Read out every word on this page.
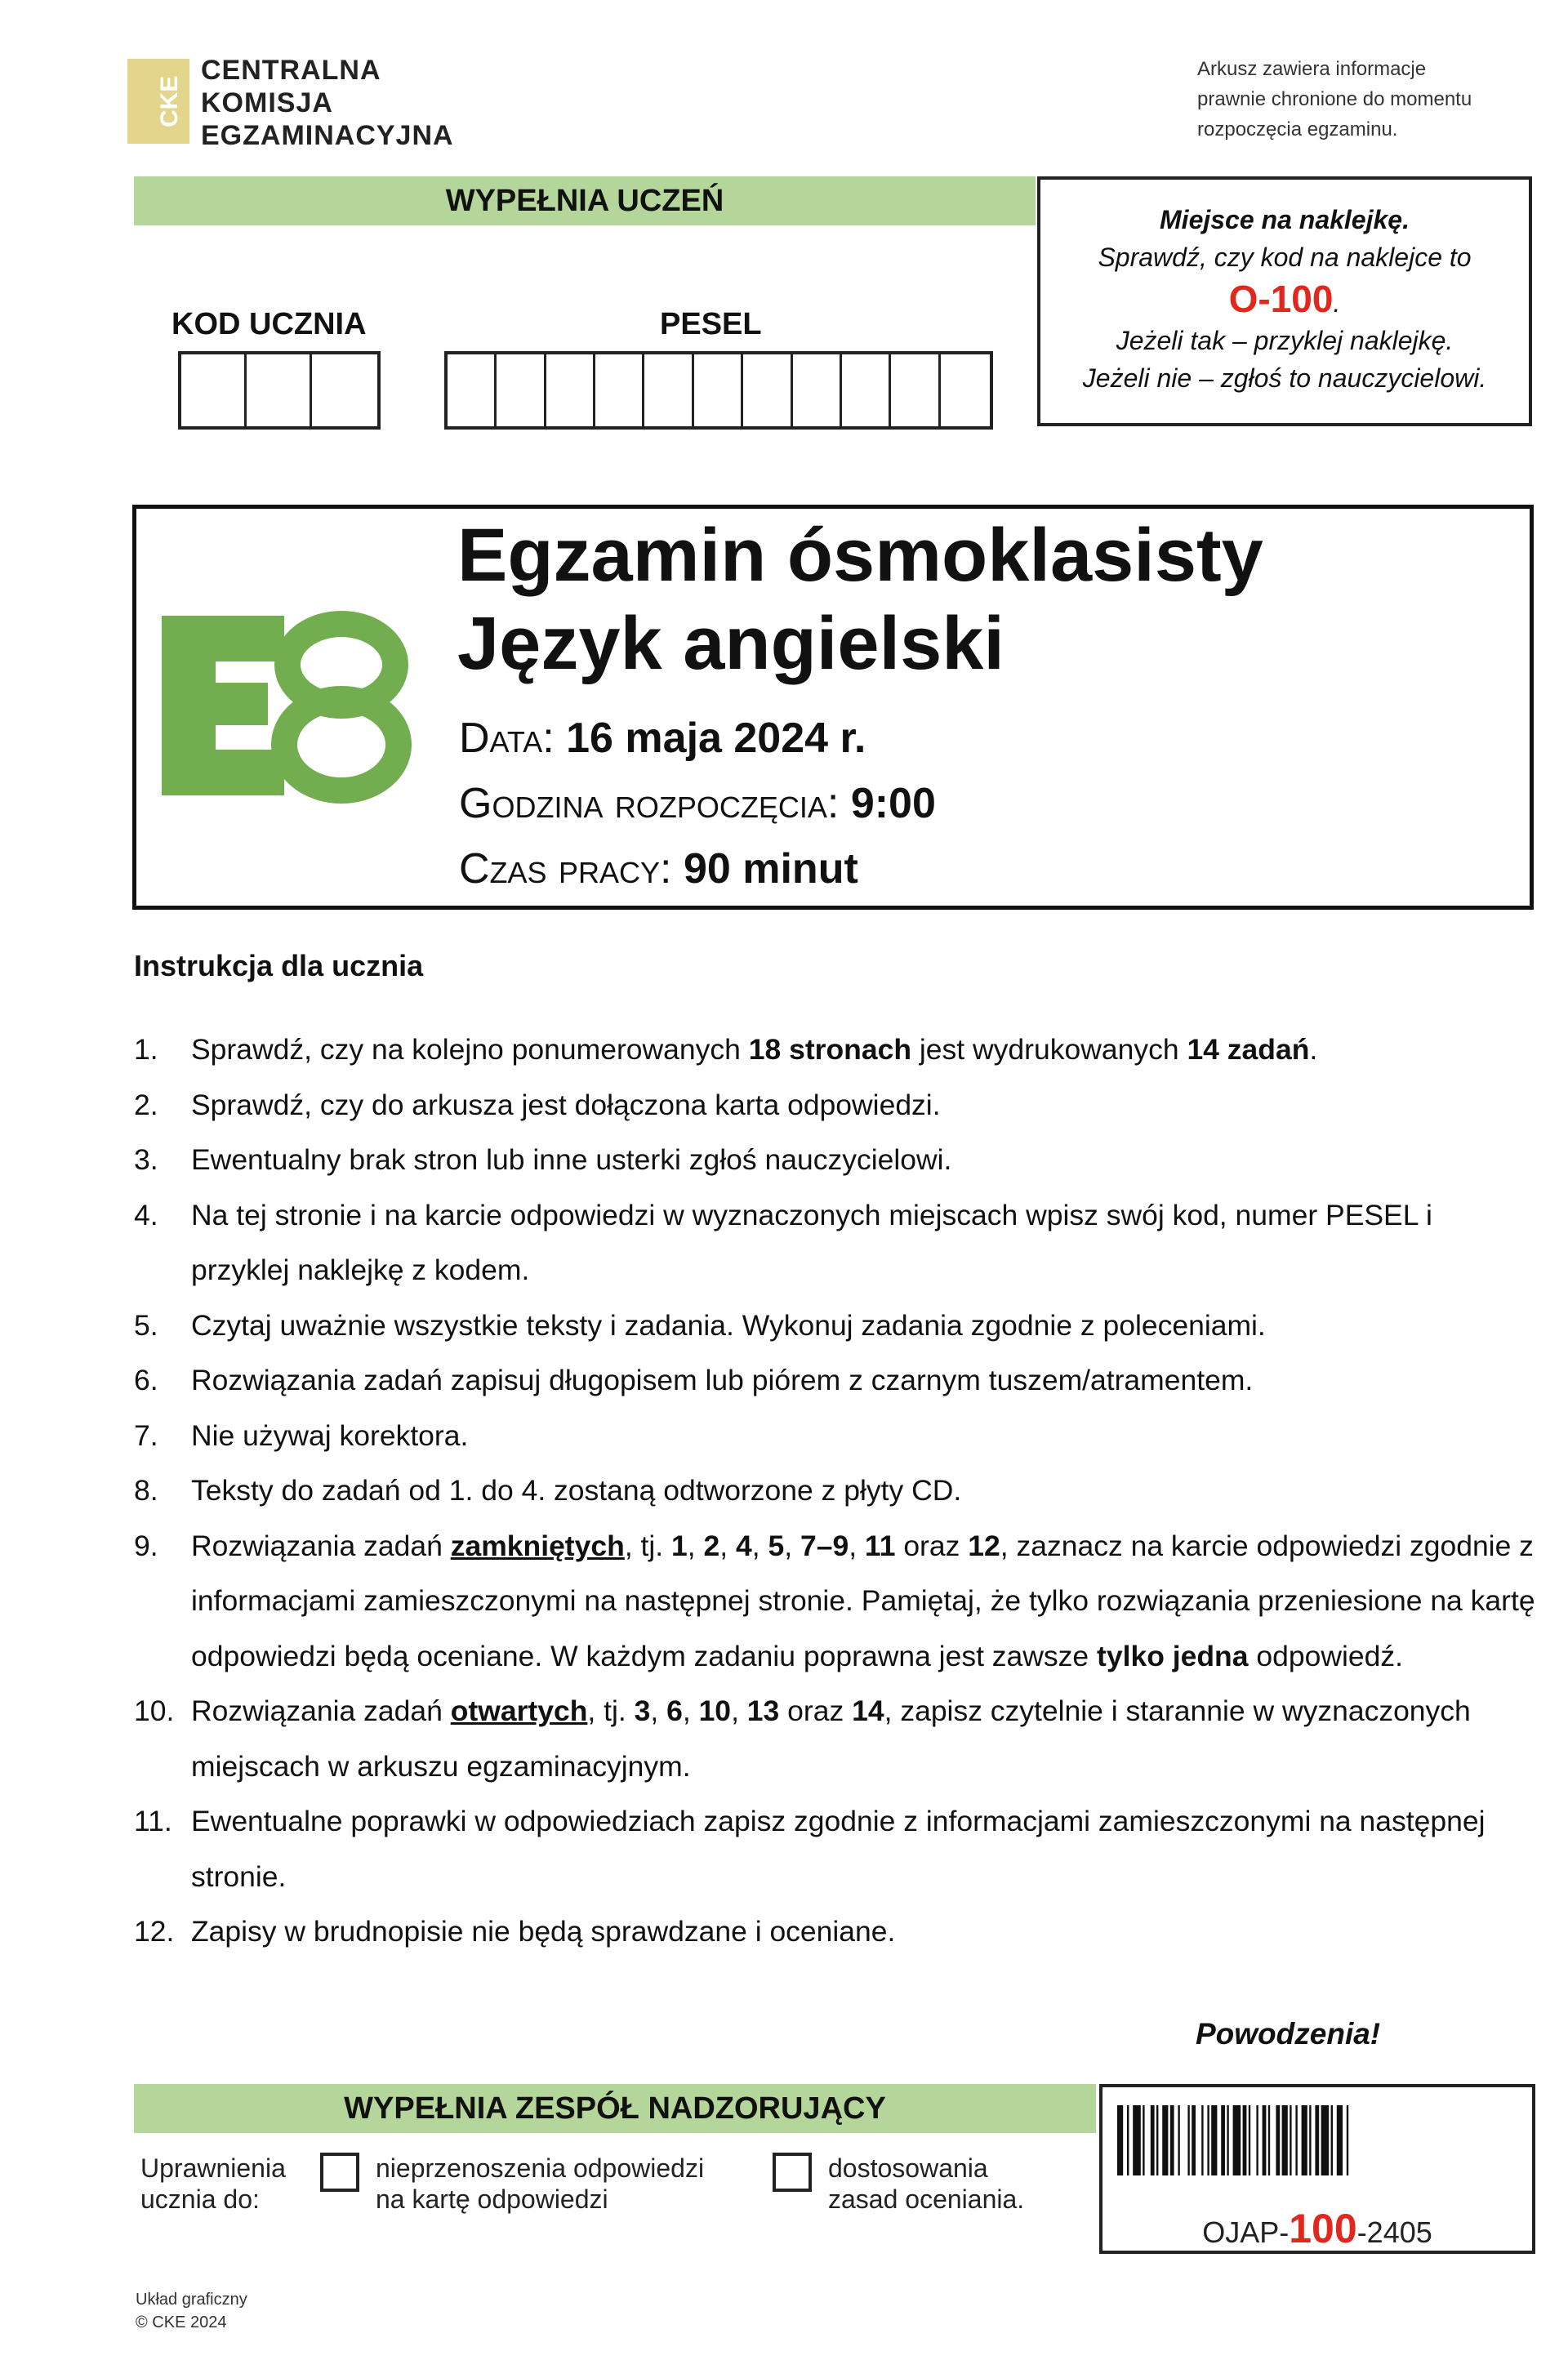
CKE
CENTRALNA
KOMISJA
EGZAMINACYJNA
Arkusz zawiera informacje
prawnie chronione do momentu
rozpoczęcia egzaminu.
WYPEŁNIA UCZEŃ
Miejsce na naklejkę.
Sprawdź, czy kod na naklejce to
O-100.
Jeżeli tak – przyklej naklejkę.
Jeżeli nie – zgłoś to nauczycielowi.
KOD UCZNIA	PESEL
Egzamin ósmoklasisty
Język angielski
Data: 16 maja 2024 r.
Godzina rozpoczęcia: 9:00
Czas pracy: 90 minut
Instrukcja dla ucznia
1.	Sprawdź, czy na kolejno ponumerowanych 18 stronach jest wydrukowanych 14 zadań.
2.	Sprawdź, czy do arkusza jest dołączona karta odpowiedzi.
3.	Ewentualny brak stron lub inne usterki zgłoś nauczycielowi.
4.	Na tej stronie i na karcie odpowiedzi w wyznaczonych miejscach wpisz swój kod, numer PESEL i przyklej naklejkę z kodem.
5.	Czytaj uważnie wszystkie teksty i zadania. Wykonuj zadania zgodnie z poleceniami.
6.	Rozwiązania zadań zapisuj długopisem lub piórem z czarnym tuszem/atramentem.
7.	Nie używaj korektora.
8.	Teksty do zadań od 1. do 4. zostaną odtworzone z płyty CD.
9.	Rozwiązania zadań zamkniętych, tj. 1, 2, 4, 5, 7–9, 11 oraz 12, zaznacz na karcie odpowiedzi zgodnie z informacjami zamieszczonymi na następnej stronie. Pamiętaj, że tylko rozwiązania przeniesione na kartę odpowiedzi będą oceniane. W każdym zadaniu poprawna jest zawsze tylko jedna odpowiedź.
10. Rozwiązania zadań otwartych, tj. 3, 6, 10, 13 oraz 14, zapisz czytelnie i starannie w wyznaczonych miejscach w arkuszu egzaminacyjnym.
11. Ewentualne poprawki w odpowiedziach zapisz zgodnie z informacjami zamieszczonymi na następnej stronie.
12. Zapisy w brudnopisie nie będą sprawdzane i oceniane.
Powodzenia!
WYPEŁNIA ZESPÓŁ NADZORUJĄCY
Uprawnienia
ucznia do:
nieprzenoszenia odpowiedzi
na kartę odpowiedzi
dostosowania
zasad oceniania.
OJAP-100-2405
Układ graficzny
© CKE 2024
